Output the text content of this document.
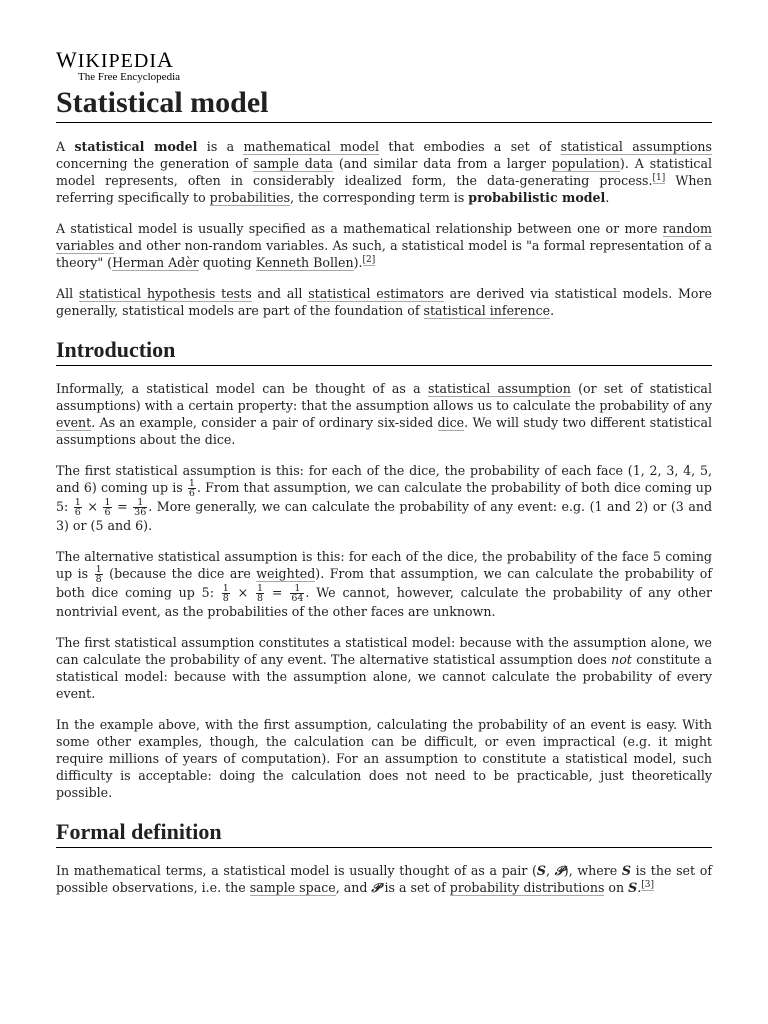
WIKIPEDIA
The Free Encyclopedia
Statistical model

A statistical model is a mathematical model that embodies a set of statistical assumptions concerning the generation of sample data (and similar data from a larger population). A statistical model represents, often in considerably idealized form, the data-generating process.[1] When referring specifically to probabilities, the corresponding term is probabilistic model.

A statistical model is usually specified as a mathematical relationship between one or more random variables and other non-random variables. As such, a statistical model is "a formal representation of a theory" (Herman Adèr quoting Kenneth Bollen).[2]

All statistical hypothesis tests and all statistical estimators are derived via statistical models. More generally, statistical models are part of the foundation of statistical inference.

Introduction

Informally, a statistical model can be thought of as a statistical assumption (or set of statistical assumptions) with a certain property: that the assumption allows us to calculate the probability of any event. As an example, consider a pair of ordinary six-sided dice. We will study two different statistical assumptions about the dice.

The first statistical assumption is this: for each of the dice, the probability of each face (1, 2, 3, 4, 5, and 6) coming up is $\frac{1}{6}$ . From that assumption, we can calculate the probability of both dice coming up 5: $\frac{1}{6} \times \frac{1}{6} = \frac{1}{36}$ . More generally, we can calculate the probability of any event: e.g. (1 and 2) or (3 and 3) or (5 and 6).

The alternative statistical assumption is this: for each of the dice, the probability of the face 5 coming up is $\frac{1}{8}$ (because the dice are weighted). From that assumption, we can calculate the probability of both dice coming up 5: $\frac{1}{8} \times \frac{1}{8} = \frac{1}{64}$ . We cannot, however, calculate the probability of any other nontrivial event, as the probabilities of the other faces are unknown.

The first statistical assumption constitutes a statistical model: because with the assumption alone, we can calculate the probability of any event. The alternative statistical assumption does not constitute a statistical model: because with the assumption alone, we cannot calculate the probability of every event.

In the example above, with the first assumption, calculating the probability of an event is easy. With some other examples, though, the calculation can be difficult, or even impractical (e.g. it might require millions of years of computation). For an assumption to constitute a statistical model, such difficulty is acceptable: doing the calculation does not need to be practicable, just theoretically possible.

Formal definition

In mathematical terms, a statistical model is usually thought of as a pair (S, 𝒫), where S is the set of possible observations, i.e. the sample space, and 𝒫 is a set of probability distributions on S.[3]
